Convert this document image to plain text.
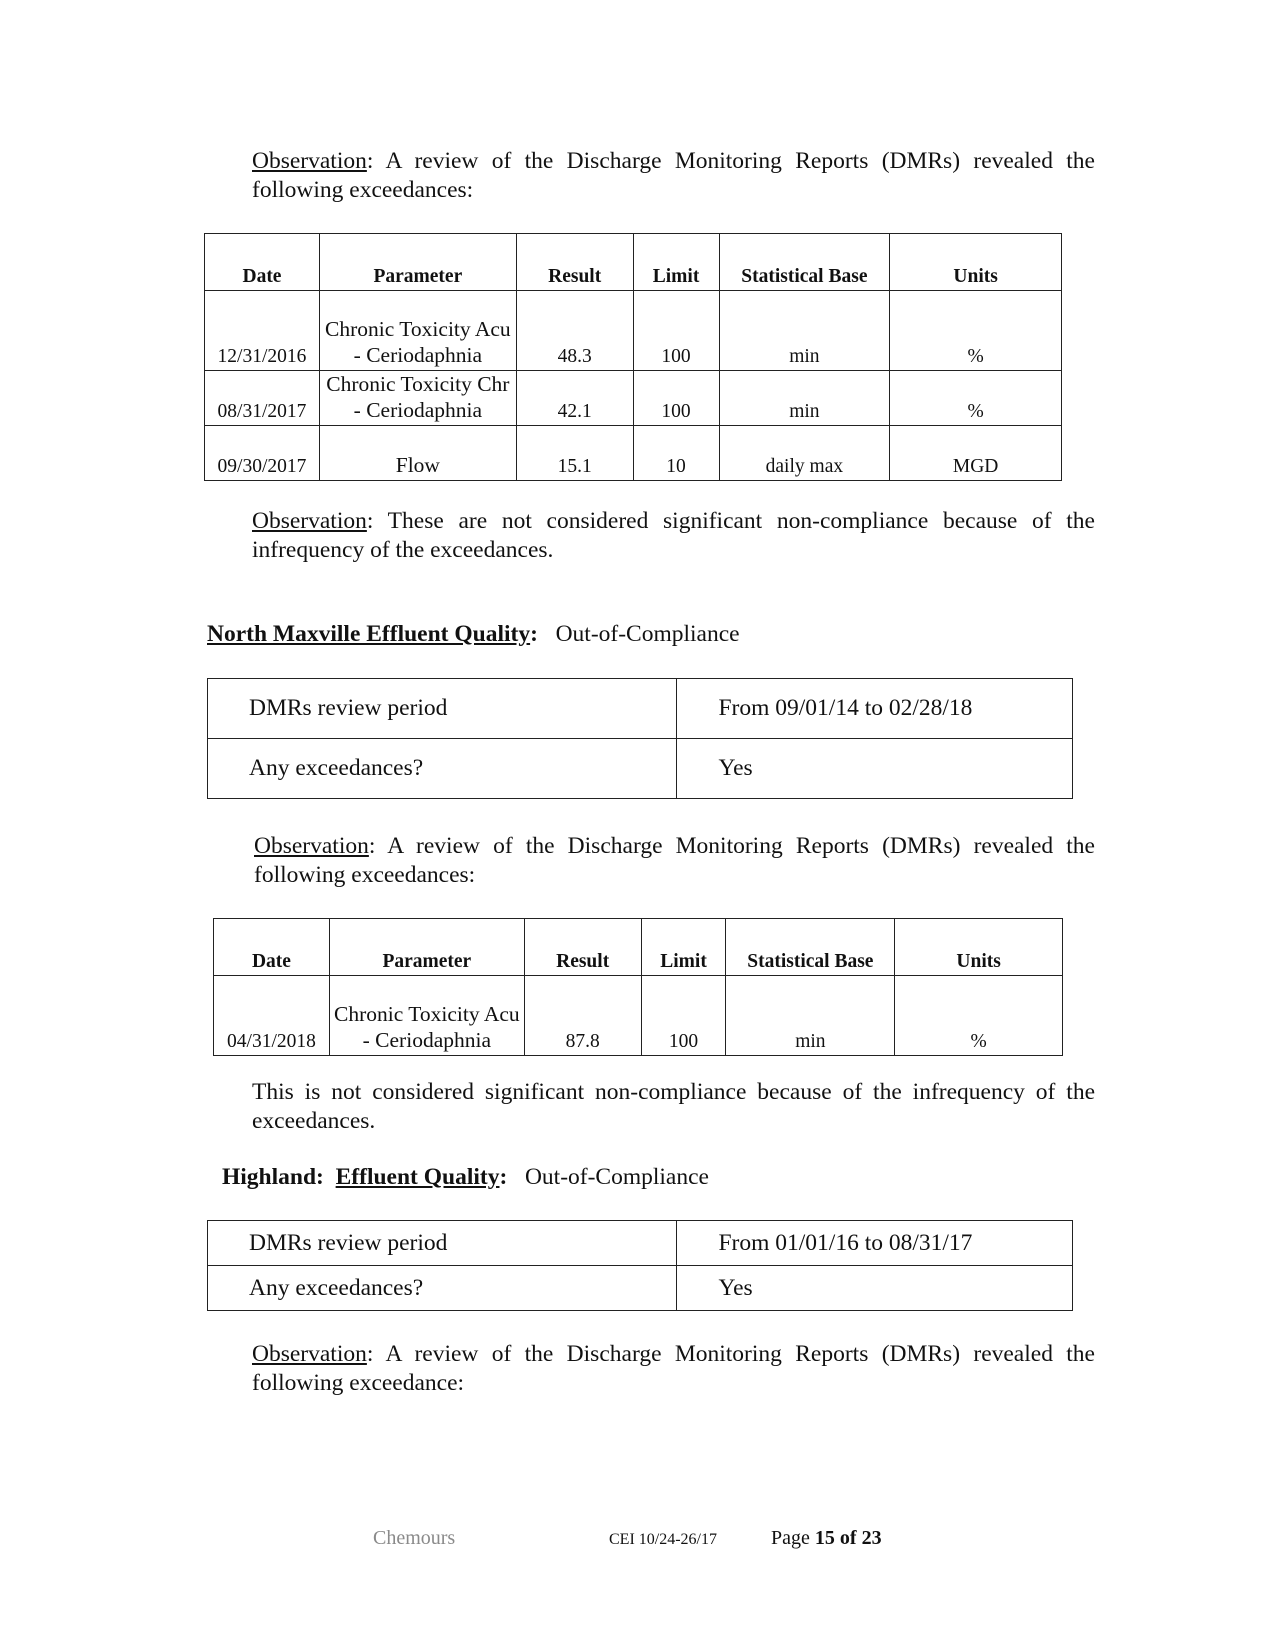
Observation: A review of the Discharge Monitoring Reports (DMRs) revealed the following exceedances:

Date	Parameter	Result	Limit	Statistical Base	Units
12/31/2016	Chronic Toxicity Acu - Ceriodaphnia	48.3	100	min	%
08/31/2017	Chronic Toxicity Chr - Ceriodaphnia	42.1	100	min	%
09/30/2017	Flow	15.1	10	daily max	MGD

Observation: These are not considered significant non-compliance because of the infrequency of the exceedances.

North Maxville Effluent Quality: Out-of-Compliance

DMRs review period	From 09/01/14 to 02/28/18
Any exceedances?	Yes

Observation: A review of the Discharge Monitoring Reports (DMRs) revealed the following exceedances:

Date	Parameter	Result	Limit	Statistical Base	Units
04/31/2018	Chronic Toxicity Acu - Ceriodaphnia	87.8	100	min	%

This is not considered significant non-compliance because of the infrequency of the exceedances.

Highland: Effluent Quality: Out-of-Compliance

DMRs review period	From 01/01/16 to 08/31/17
Any exceedances?	Yes

Observation: A review of the Discharge Monitoring Reports (DMRs) revealed the following exceedance:

Chemours	CEI 10/24-26/17	Page 15 of 23
